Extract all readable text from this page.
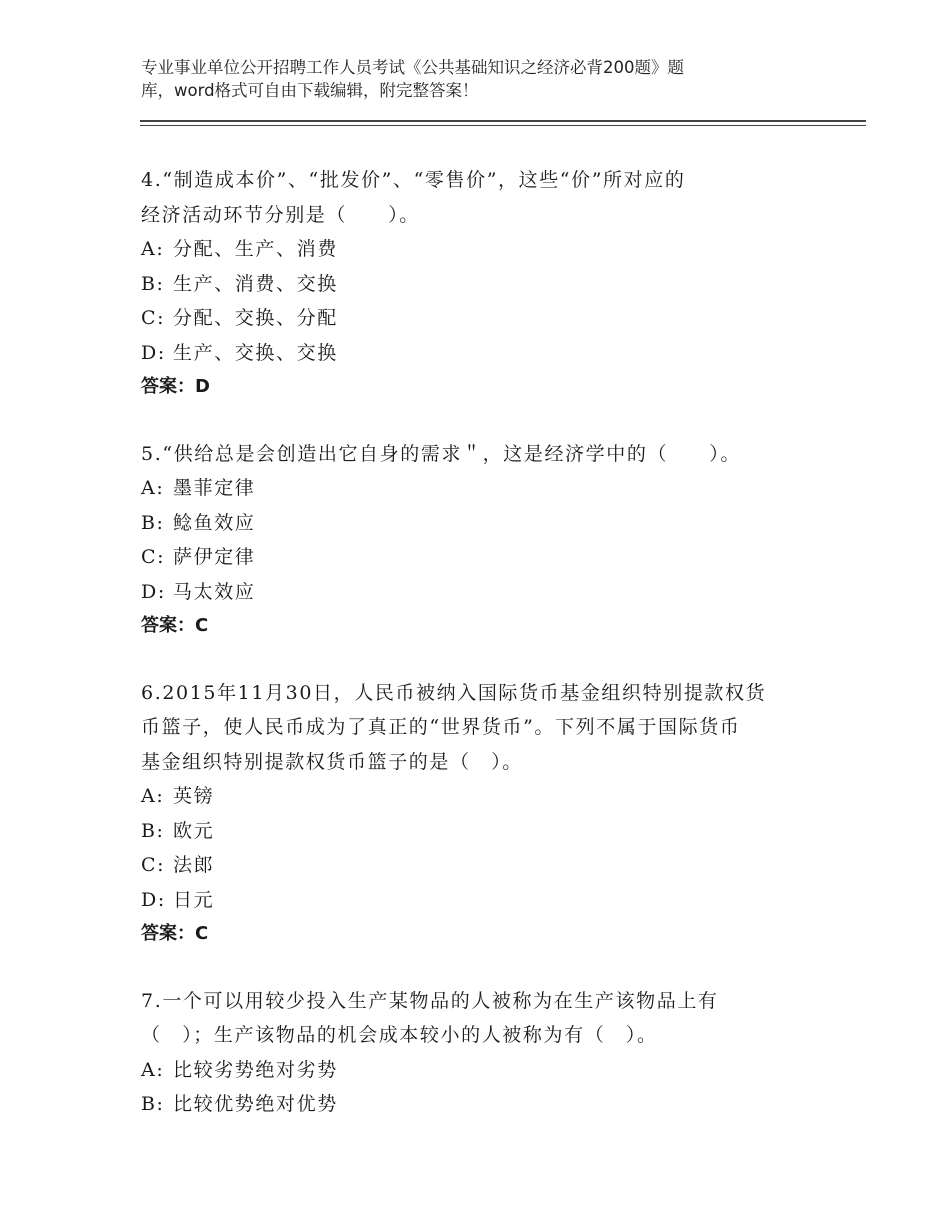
专业事业单位公开招聘工作人员考试《公共基础知识之经济必背200题》题
库，word格式可自由下载编辑，附完整答案！
4.“制造成本价”、“批发价”、“零售价”，这些“价”所对应的
经济活动环节分别是（　　）。
A: 分配、生产、消费
B: 生产、消费、交换
C: 分配、交换、分配
D: 生产、交换、交换
答案：D
5.“供给总是会创造出它自身的需求＂，这是经济学中的（　　）。
A: 墨菲定律
B: 鲶鱼效应
C: 萨伊定律
D: 马太效应
答案：C
6.2015年11月30日，人民币被纳入国际货币基金组织特别提款权货
币篮子，使人民币成为了真正的“世界货币”。下列不属于国际货币
基金组织特别提款权货币篮子的是（　）。
A: 英镑
B: 欧元
C: 法郎
D: 日元
答案：C
7.一个可以用较少投入生产某物品的人被称为在生产该物品上有
（　）；生产该物品的机会成本较小的人被称为有（　）。
A: 比较劣势绝对劣势
B: 比较优势绝对优势
